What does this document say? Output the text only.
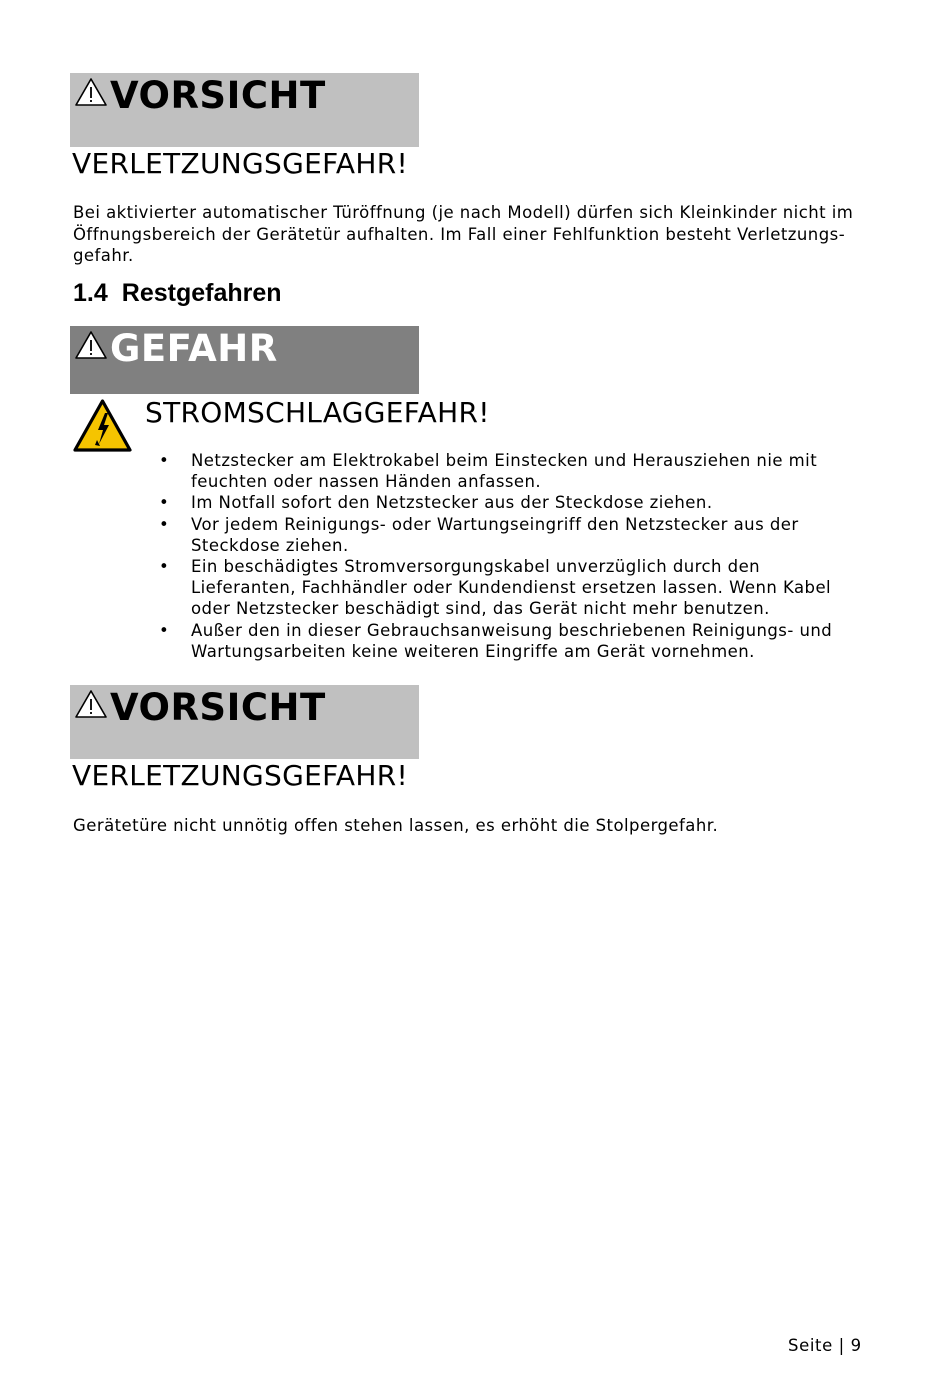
VORSICHT
VERLETZUNGSGEFAHR!
Bei aktivierter automatischer Türöffnung (je nach Modell) dürfen sich Kleinkinder nicht im Öffnungsbereich der Gerätetür aufhalten. Im Fall einer Fehlfunktion besteht Verletzungs-gefahr.
1.4 Restgefahren
GEFAHR
STROMSCHLAGGEFAHR!
• Netzstecker am Elektrokabel beim Einstecken und Herausziehen nie mit feuchten oder nassen Händen anfassen.
• Im Notfall sofort den Netzstecker aus der Steckdose ziehen.
• Vor jedem Reinigungs- oder Wartungseingriff den Netzstecker aus der Steckdose ziehen.
• Ein beschädigtes Stromversorgungskabel unverzüglich durch den Lieferanten, Fachhändler oder Kundendienst ersetzen lassen. Wenn Kabel oder Netzstecker beschädigt sind, das Gerät nicht mehr benutzen.
• Außer den in dieser Gebrauchsanweisung beschriebenen Reinigungs- und Wartungsarbeiten keine weiteren Eingriffe am Gerät vornehmen.
VORSICHT
VERLETZUNGSGEFAHR!
Gerätetüre nicht unnötig offen stehen lassen, es erhöht die Stolpergefahr.
Seite | 9
